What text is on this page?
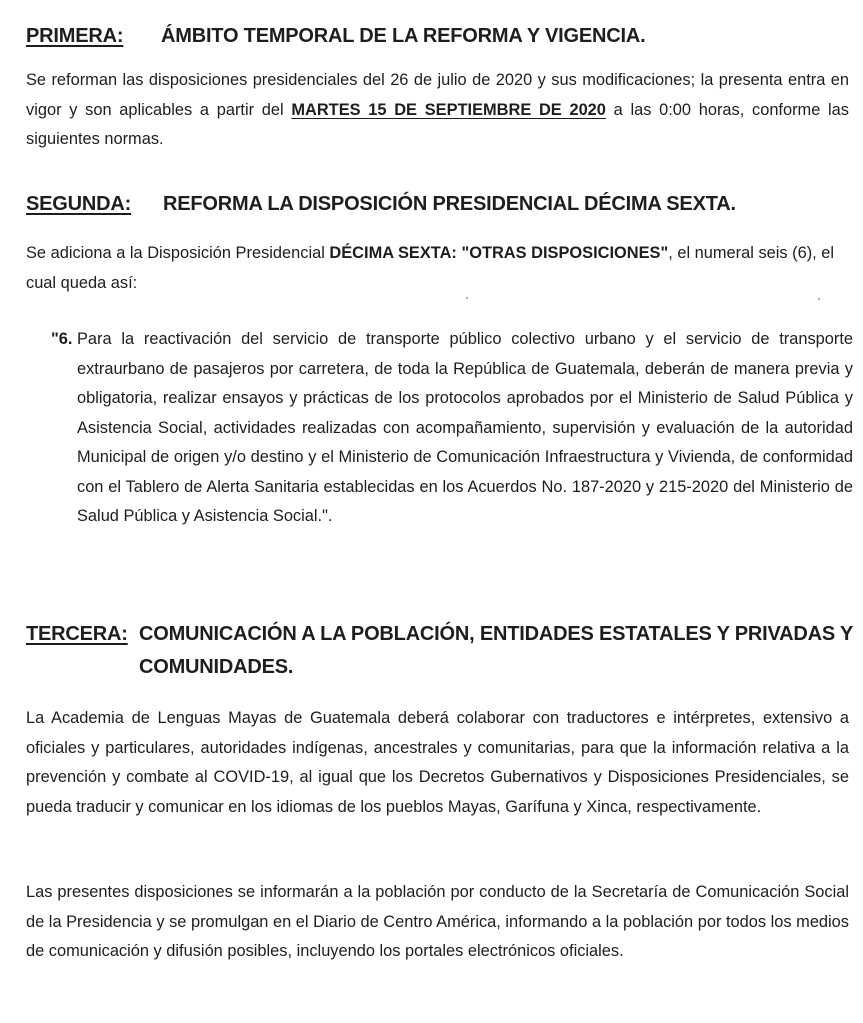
PRIMERA: ÁMBITO TEMPORAL DE LA REFORMA Y VIGENCIA.

Se reforman las disposiciones presidenciales del 26 de julio de 2020 y sus modificaciones; la presenta entra en vigor y son aplicables a partir del MARTES 15 DE SEPTIEMBRE DE 2020 a las 0:00 horas, conforme las siguientes normas.

SEGUNDA: REFORMA LA DISPOSICIÓN PRESIDENCIAL DÉCIMA SEXTA.

Se adiciona a la Disposición Presidencial DÉCIMA SEXTA: "OTRAS DISPOSICIONES", el numeral seis (6), el cual queda así:

"6. Para la reactivación del servicio de transporte público colectivo urbano y el servicio de transporte extraurbano de pasajeros por carretera, de toda la República de Guatemala, deberán de manera previa y obligatoria, realizar ensayos y prácticas de los protocolos aprobados por el Ministerio de Salud Pública y Asistencia Social, actividades realizadas con acompañamiento, supervisión y evaluación de la autoridad Municipal de origen y/o destino y el Ministerio de Comunicación Infraestructura y Vivienda, de conformidad con el Tablero de Alerta Sanitaria establecidas en los Acuerdos No. 187-2020 y 215-2020 del Ministerio de Salud Pública y Asistencia Social.".

TERCERA: COMUNICACIÓN A LA POBLACIÓN, ENTIDADES ESTATALES Y PRIVADAS Y COMUNIDADES.

La Academia de Lenguas Mayas de Guatemala deberá colaborar con traductores e intérpretes, extensivo a oficiales y particulares, autoridades indígenas, ancestrales y comunitarias, para que la información relativa a la prevención y combate al COVID-19, al igual que los Decretos Gubernativos y Disposiciones Presidenciales, se pueda traducir y comunicar en los idiomas de los pueblos Mayas, Garífuna y Xinca, respectivamente.

Las presentes disposiciones se informarán a la población por conducto de la Secretaría de Comunicación Social de la Presidencia y se promulgan en el Diario de Centro América, informando a la población por todos los medios de comunicación y difusión posibles, incluyendo los portales electrónicos oficiales.
